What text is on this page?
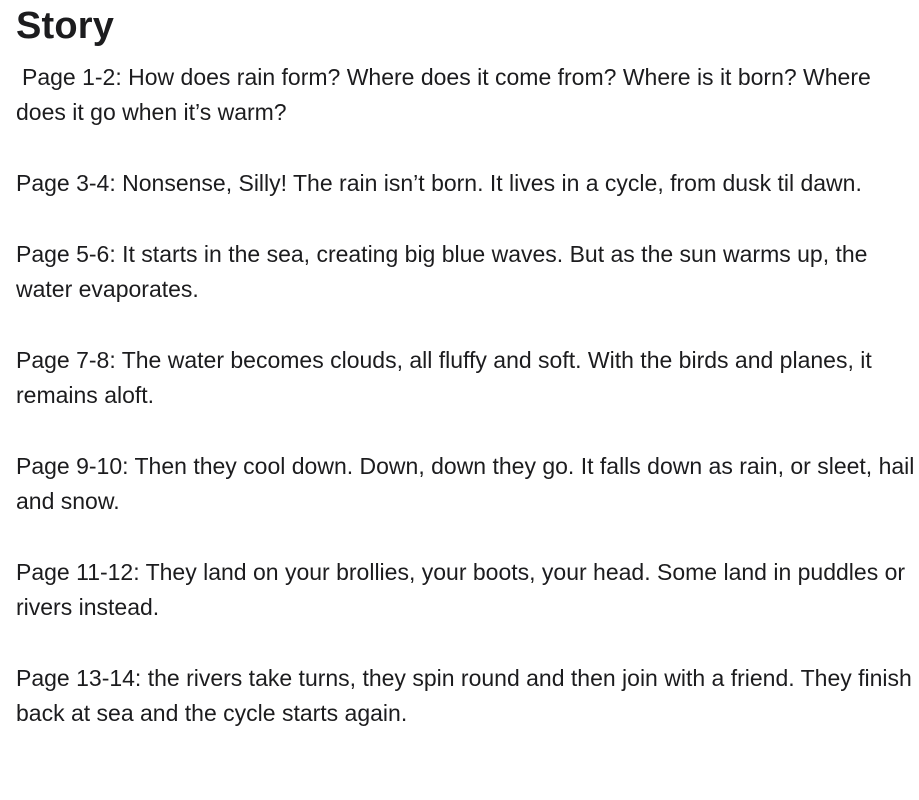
Story

Page 1-2: How does rain form? Where does it come from? Where is it born? Where does it go when it’s warm?

Page 3-4: Nonsense, Silly! The rain isn’t born. It lives in a cycle, from dusk til dawn.

Page 5-6: It starts in the sea, creating big blue waves. But as the sun warms up, the water evaporates.

Page 7-8: The water becomes clouds, all fluffy and soft. With the birds and planes, it remains aloft.

Page 9-10: Then they cool down. Down, down they go. It falls down as rain, or sleet, hail and snow.

Page 11-12: They land on your brollies, your boots, your head. Some land in puddles or rivers instead.

Page 13-14: the rivers take turns, they spin round and then join with a friend. They finish back at sea and the cycle starts again.
